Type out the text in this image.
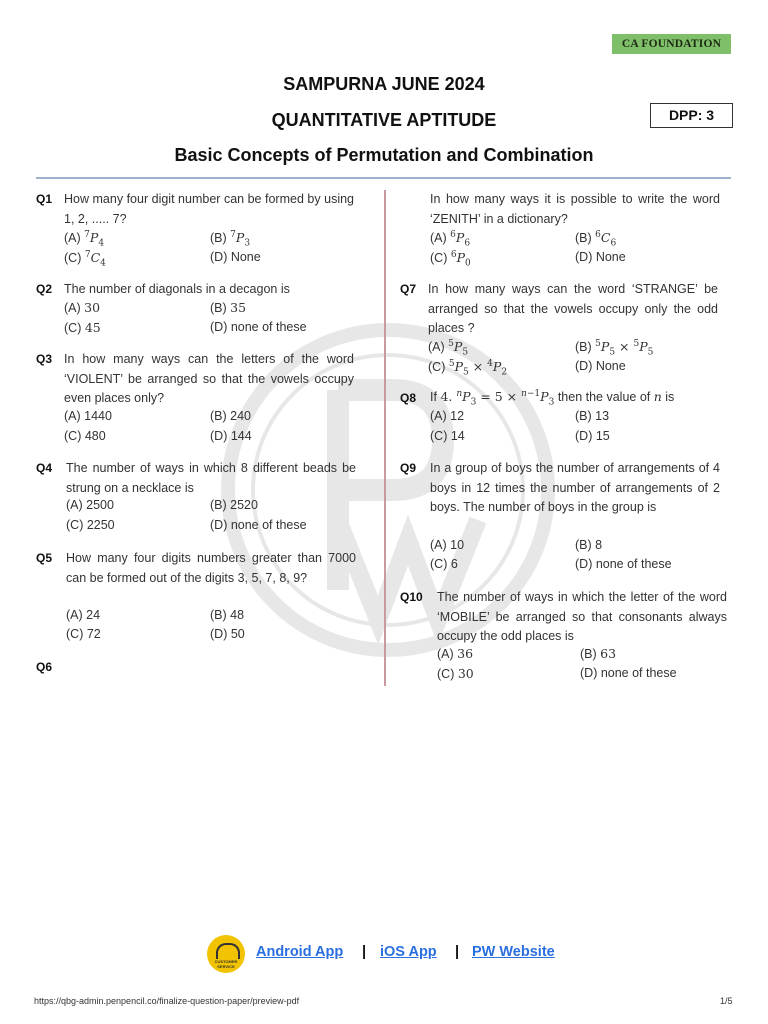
CA FOUNDATION
SAMPURNA JUNE 2024
QUANTITATIVE APTITUDE	DPP: 3
Basic Concepts of Permutation and Combination
Q1 How many four digit number can be formed by using 1, 2, ..... 7?
(A) $^7P_4$	(B) $^7P_3$
(C) $^7C_4$	(D) None
Q2 The number of diagonals in a decagon is
(A) 30	(B) 35
(C) 45	(D) none of these
Q3 In how many ways can the letters of the word ‘VIOLENT’ be arranged so that the vowels occupy even places only?
(A) 1440	(B) 240
(C) 480	(D) 144
Q4 The number of ways in which 8 different beads be strung on a necklace is
(A) 2500	(B) 2520
(C) 2250	(D) none of these
Q5 How many four digits numbers greater than 7000 can be formed out of the digits 3, 5, 7, 8, 9?
(A) 24	(B) 48
(C) 72	(D) 50
Q6
In how many ways it is possible to write the word ‘ZENITH’ in a dictionary?
(A) $^6P_6$	(B) $^6C_6$
(C) $^6P_0$	(D) None
Q7 In how many ways can the word ‘STRANGE’ be arranged so that the vowels occupy only the odd places ?
(A) $^5P_5$	(B) $^5P_5 \times ^5P_5$
(C) $^5P_5 \times ^4P_2$	(D) None
Q8 If 4. $^nP_3 = 5 \times ^{n-1}P_3$ then the value of n is
(A) 12	(B) 13
(C) 14	(D) 15
Q9 In a group of boys the number of arrangements of 4 boys in 12 times the number of arrangements of 2 boys. The number of boys in the group is
(A) 10	(B) 8
(C) 6	(D) none of these
Q10 The number of ways in which the letter of the word ‘MOBILE’ be arranged so that consonants always occupy the odd places is
(A) 36	(B) 63
(C) 30	(D) none of these
CUSTOMER SERVICE
Android App | iOS App | PW Website
https://qbg-admin.penpencil.co/finalize-question-paper/preview-pdf	1/5
